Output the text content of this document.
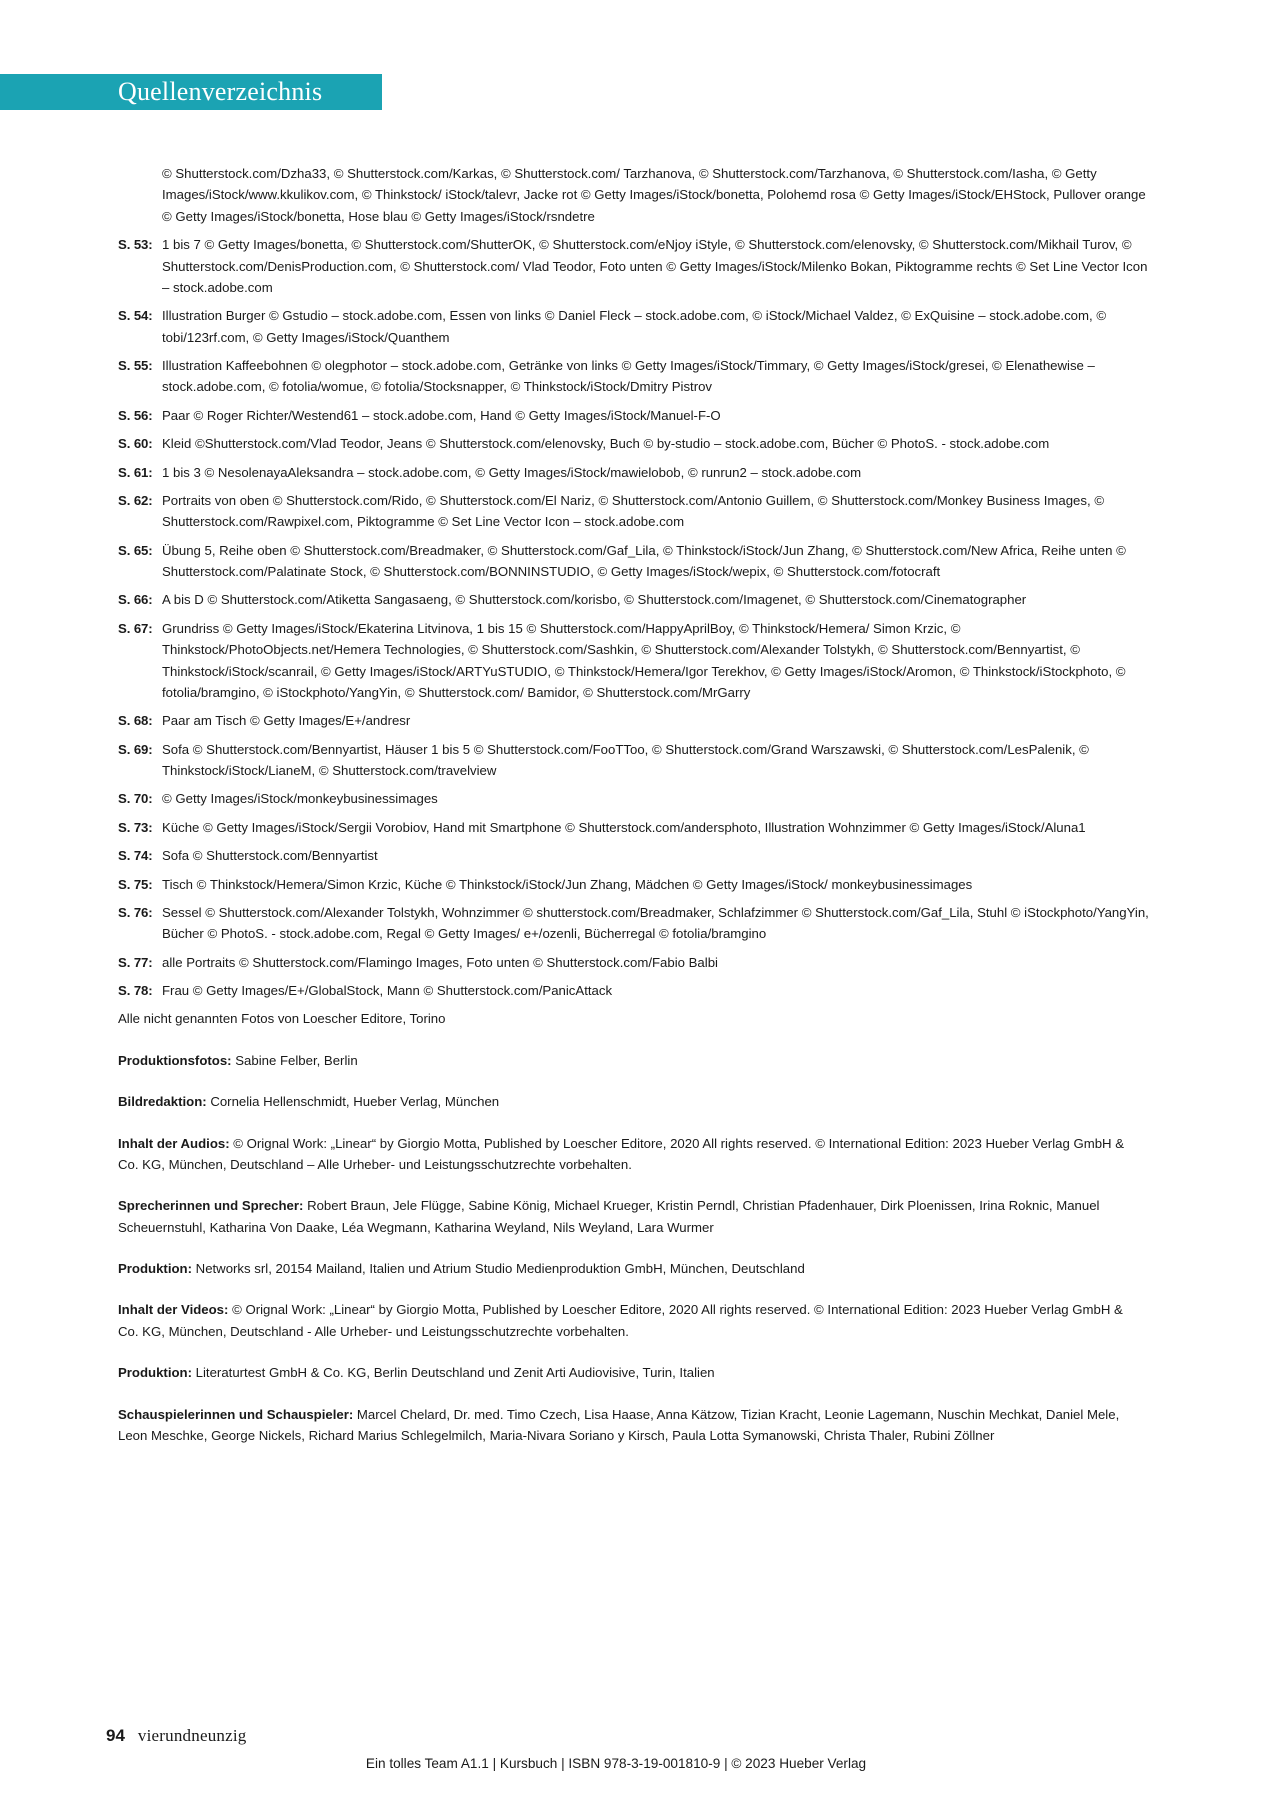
Quellenverzeichnis
© Shutterstock.com/Dzha33, © Shutterstock.com/Karkas, © Shutterstock.com/ Tarzhanova, © Shutterstock.com/Tarzhanova, © Shutterstock.com/Iasha, © Getty Images/iStock/www.kkulikov.com, © Thinkstock/ iStock/talevr, Jacke rot © Getty Images/iStock/bonetta, Polohemd rosa © Getty Images/iStock/EHStock, Pullover orange © Getty Images/iStock/bonetta, Hose blau © Getty Images/iStock/rsndetre
S. 53: 1 bis 7 © Getty Images/bonetta, © Shutterstock.com/ShutterOK, © Shutterstock.com/eNjoy iStyle, © Shutterstock.com/elenovsky, © Shutterstock.com/Mikhail Turov, © Shutterstock.com/DenisProduction.com, © Shutterstock.com/ Vlad Teodor, Foto unten © Getty Images/iStock/Milenko Bokan, Piktogramme rechts © Set Line Vector Icon – stock.adobe.com
S. 54: Illustration Burger © Gstudio – stock.adobe.com, Essen von links © Daniel Fleck – stock.adobe.com, © iStock/Michael Valdez, © ExQuisine – stock.adobe.com, © tobi/123rf.com, © Getty Images/iStock/Quanthem
S. 55: Illustration Kaffeebohnen © olegphotor – stock.adobe.com, Getränke von links © Getty Images/iStock/Timmary, © Getty Images/iStock/gresei, © Elenathewise – stock.adobe.com, © fotolia/womue, © fotolia/Stocksnapper, © Thinkstock/iStock/Dmitry Pistrov
S. 56: Paar © Roger Richter/Westend61 – stock.adobe.com, Hand © Getty Images/iStock/Manuel-F-O
S. 60: Kleid ©Shutterstock.com/Vlad Teodor, Jeans © Shutterstock.com/elenovsky, Buch © by-studio – stock.adobe.com, Bücher © PhotoS. - stock.adobe.com
S. 61: 1 bis 3 © NesolenayaAleksandra – stock.adobe.com, © Getty Images/iStock/mawielobob, © runrun2 – stock.adobe.com
S. 62: Portraits von oben © Shutterstock.com/Rido, © Shutterstock.com/El Nariz, © Shutterstock.com/Antonio Guillem, © Shutterstock.com/Monkey Business Images, © Shutterstock.com/Rawpixel.com, Piktogramme © Set Line Vector Icon – stock.adobe.com
S. 65: Übung 5, Reihe oben © Shutterstock.com/Breadmaker, © Shutterstock.com/Gaf_Lila, © Thinkstock/iStock/Jun Zhang, © Shutterstock.com/New Africa, Reihe unten © Shutterstock.com/Palatinate Stock, © Shutterstock.com/BONNINSTUDIO, © Getty Images/iStock/wepix, © Shutterstock.com/fotocraft
S. 66: A bis D © Shutterstock.com/Atiketta Sangasaeng, © Shutterstock.com/korisbo, © Shutterstock.com/Imagenet, © Shutterstock.com/Cinematographer
S. 67: Grundriss © Getty Images/iStock/Ekaterina Litvinova, 1 bis 15 © Shutterstock.com/HappyAprilBoy, © Thinkstock/Hemera/ Simon Krzic, © Thinkstock/PhotoObjects.net/Hemera Technologies, © Shutterstock.com/Sashkin, © Shutterstock.com/Alexander Tolstykh, © Shutterstock.com/Bennyartist, © Thinkstock/iStock/scanrail, © Getty Images/iStock/ARTYuSTUDIO, © Thinkstock/Hemera/Igor Terekhov, © Getty Images/iStock/Aromon, © Thinkstock/iStockphoto, © fotolia/bramgino, © iStockphoto/YangYin, © Shutterstock.com/ Bamidor, © Shutterstock.com/MrGarry
S. 68: Paar am Tisch © Getty Images/E+/andresr
S. 69: Sofa © Shutterstock.com/Bennyartist, Häuser 1 bis 5 © Shutterstock.com/FooTToo, © Shutterstock.com/Grand Warszawski, © Shutterstock.com/LesPalenik, © Thinkstock/iStock/LianeM, © Shutterstock.com/travelview
S. 70: © Getty Images/iStock/monkeybusinessimages
S. 73: Küche © Getty Images/iStock/Sergii Vorobiov, Hand mit Smartphone © Shutterstock.com/andersphoto, Illustration Wohnzimmer © Getty Images/iStock/Aluna1
S. 74: Sofa © Shutterstock.com/Bennyartist
S. 75: Tisch © Thinkstock/Hemera/Simon Krzic, Küche © Thinkstock/iStock/Jun Zhang, Mädchen © Getty Images/iStock/ monkeybusinessimages
S. 76: Sessel © Shutterstock.com/Alexander Tolstykh, Wohnzimmer © shutterstock.com/Breadmaker, Schlafzimmer © Shutterstock.com/Gaf_Lila, Stuhl © iStockphoto/YangYin, Bücher © PhotoS. - stock.adobe.com, Regal © Getty Images/ e+/ozenli, Bücherregal © fotolia/bramgino
S. 77: alle Portraits © Shutterstock.com/Flamingo Images, Foto unten © Shutterstock.com/Fabio Balbi
S. 78: Frau © Getty Images/E+/GlobalStock, Mann © Shutterstock.com/PanicAttack
Alle nicht genannten Fotos von Loescher Editore, Torino
Produktionsfotos: Sabine Felber, Berlin
Bildredaktion: Cornelia Hellenschmidt, Hueber Verlag, München
Inhalt der Audios: © Orignal Work: „Linear“ by Giorgio Motta, Published by Loescher Editore, 2020 All rights reserved. © International Edition: 2023 Hueber Verlag GmbH & Co. KG, München, Deutschland – Alle Urheber- und Leistungsschutzrechte vorbehalten.
Sprecherinnen und Sprecher: Robert Braun, Jele Flügge, Sabine König, Michael Krueger, Kristin Perndl, Christian Pfadenhauer, Dirk Ploenissen, Irina Roknic, Manuel Scheuernstuhl, Katharina Von Daake, Léa Wegmann, Katharina Weyland, Nils Weyland, Lara Wurmer
Produktion: Networks srl, 20154 Mailand, Italien und Atrium Studio Medienproduktion GmbH, München, Deutschland
Inhalt der Videos: © Orignal Work: „Linear“ by Giorgio Motta, Published by Loescher Editore, 2020 All rights reserved. © International Edition: 2023 Hueber Verlag GmbH & Co. KG, München, Deutschland - Alle Urheber- und Leistungsschutzrechte vorbehalten.
Produktion: Literaturtest GmbH & Co. KG, Berlin Deutschland und Zenit Arti Audiovisive, Turin, Italien
Schauspielerinnen und Schauspieler: Marcel Chelard, Dr. med. Timo Czech, Lisa Haase, Anna Kätzow, Tizian Kracht, Leonie Lagemann, Nuschin Mechkat, Daniel Mele, Leon Meschke, George Nickels, Richard Marius Schlegelmilch, Maria-Nivara Soriano y Kirsch, Paula Lotta Symanowski, Christa Thaler, Rubini Zöllner
94 vierundneunzig
Ein tolles Team A1.1 | Kursbuch | ISBN 978-3-19-001810-9 | © 2023 Hueber Verlag
